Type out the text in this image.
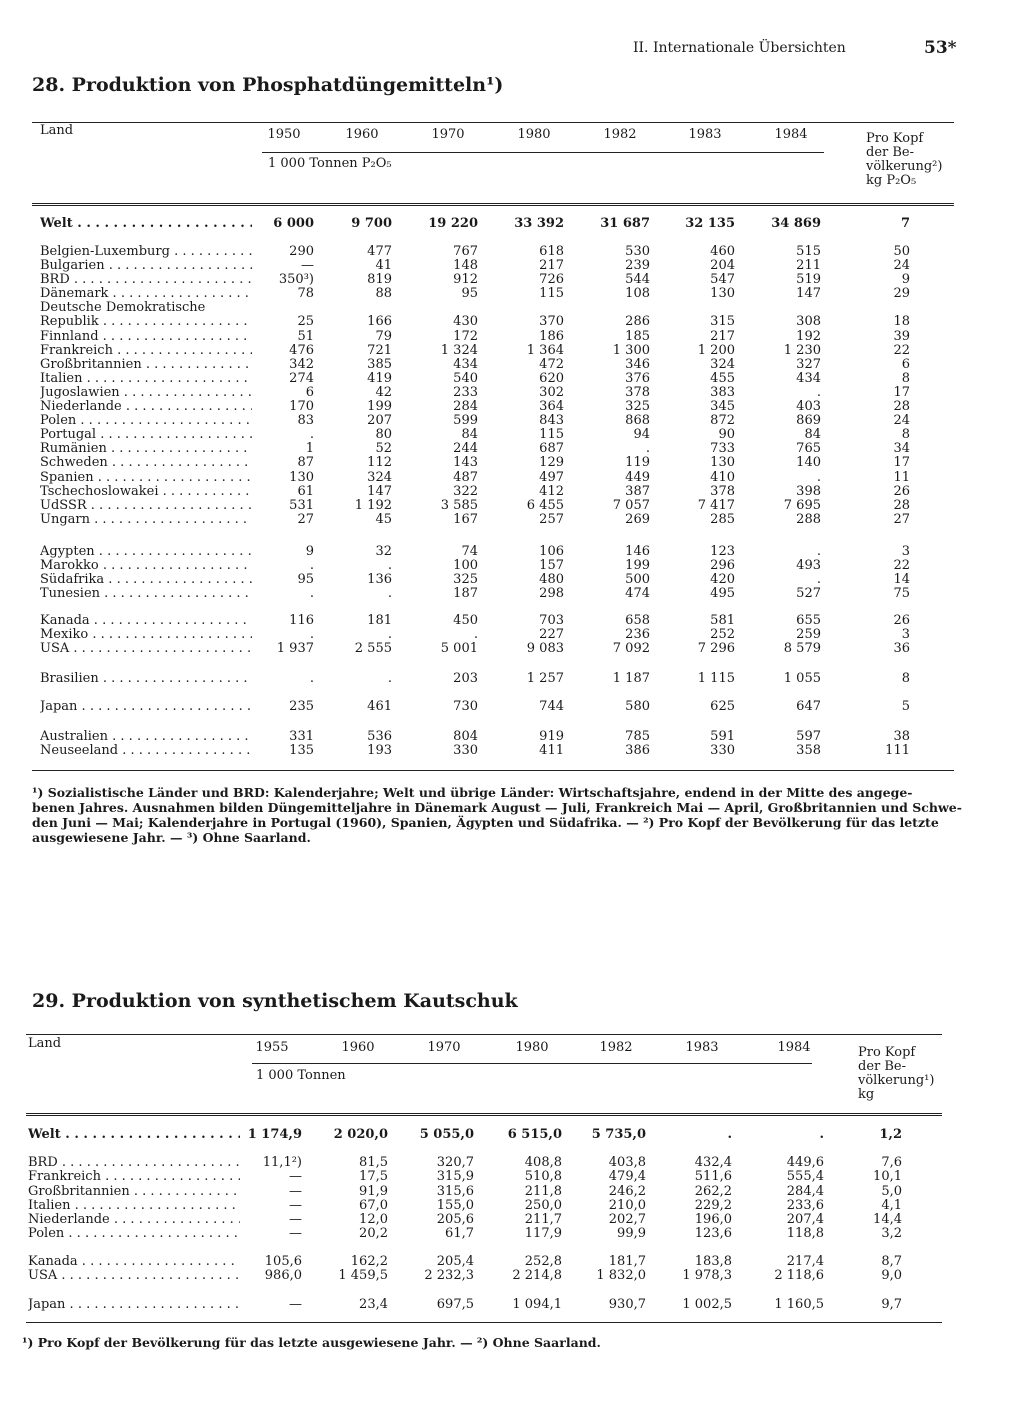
II. Internationale Übersichten	53*
28. Produktion von Phosphatdüngemitteln¹)
Land	1950	1960	1970	1980	1982	1983	1984
1 000 Tonnen P₂O₅
Pro Kopf
der Be-
völkerung²)
kg P₂O₅
Welt . . .	6 000	9 700	19 220	33 392	31 687	32 135	34 869	7
Belgien-Luxemburg . . .	290	477	767	618	530	460	515	50
Bulgarien . . .	—	41	148	217	239	204	211	24
BRD . . .	350³)	819	912	726	544	547	519	9
Dänemark . . .	78	88	95	115	108	130	147	29
Deutsche Demokratische
Republik . . .	25	166	430	370	286	315	308	18
Finnland . . .	51	79	172	186	185	217	192	39
Frankreich . . .	476	721	1 324	1 364	1 300	1 200	1 230	22
Großbritannien . . .	342	385	434	472	346	324	327	6
Italien . . .	274	419	540	620	376	455	434	8
Jugoslawien . . .	6	42	233	302	378	383	.	17
Niederlande . . .	170	199	284	364	325	345	403	28
Polen . . .	83	207	599	843	868	872	869	24
Portugal . . .	.	80	84	115	94	90	84	8
Rumänien . . .	1	52	244	687	.	733	765	34
Schweden . . .	87	112	143	129	119	130	140	17
Spanien . . .	130	324	487	497	449	410	.	11
Tschechoslowakei . . .	61	147	322	412	387	378	398	26
UdSSR . . .	531	1 192	3 585	6 455	7 057	7 417	7 695	28
Ungarn . . .	27	45	167	257	269	285	288	27
Ägypten . . .	9	32	74	106	146	123	.	3
Marokko . . .	.	.	100	157	199	296	493	22
Südafrika . . .	95	136	325	480	500	420	.	14
Tunesien . . .	.	.	187	298	474	495	527	75
Kanada . . .	116	181	450	703	658	581	655	26
Mexiko . . .	.	.	.	227	236	252	259	3
USA . . .	1 937	2 555	5 001	9 083	7 092	7 296	8 579	36
Brasilien . . .	.	.	203	1 257	1 187	1 115	1 055	8
Japan . . .	235	461	730	744	580	625	647	5
Australien . . .	331	536	804	919	785	591	597	38
Neuseeland . . .	135	193	330	411	386	330	358	111
¹) Sozialistische Länder und BRD: Kalenderjahre; Welt und übrige Länder: Wirtschaftsjahre, endend in der Mitte des angege-
benen Jahres. Ausnahmen bilden Düngemitteljahre in Dänemark August — Juli, Frankreich Mai — April, Großbritannien und Schwe-
den Juni — Mai; Kalenderjahre in Portugal (1960), Spanien, Ägypten und Südafrika. — ²) Pro Kopf der Bevölkerung für das letzte
ausgewiesene Jahr. — ³) Ohne Saarland.
29. Produktion von synthetischem Kautschuk
Land	1955	1960	1970	1980	1982	1983	1984
1 000 Tonnen
Pro Kopf
der Be-
völkerung¹)
kg
Welt . . .	1 174,9	2 020,0	5 055,0	6 515,0	5 735,0	.	.	1,2
BRD . . .	11,1²)	81,5	320,7	408,8	403,8	432,4	449,6	7,6
Frankreich . . .	—	17,5	315,9	510,8	479,4	511,6	555,4	10,1
Großbritannien . . .	—	91,9	315,6	211,8	246,2	262,2	284,4	5,0
Italien . . .	—	67,0	155,0	250,0	210,0	229,2	233,6	4,1
Niederlande . . .	—	12,0	205,6	211,7	202,7	196,0	207,4	14,4
Polen . . .	—	20,2	61,7	117,9	99,9	123,6	118,8	3,2
Kanada . . .	105,6	162,2	205,4	252,8	181,7	183,8	217,4	8,7
USA . . .	986,0	1 459,5	2 232,3	2 214,8	1 832,0	1 978,3	2 118,6	9,0
Japan . . .	—	23,4	697,5	1 094,1	930,7	1 002,5	1 160,5	9,7
¹) Pro Kopf der Bevölkerung für das letzte ausgewiesene Jahr. — ²) Ohne Saarland.
